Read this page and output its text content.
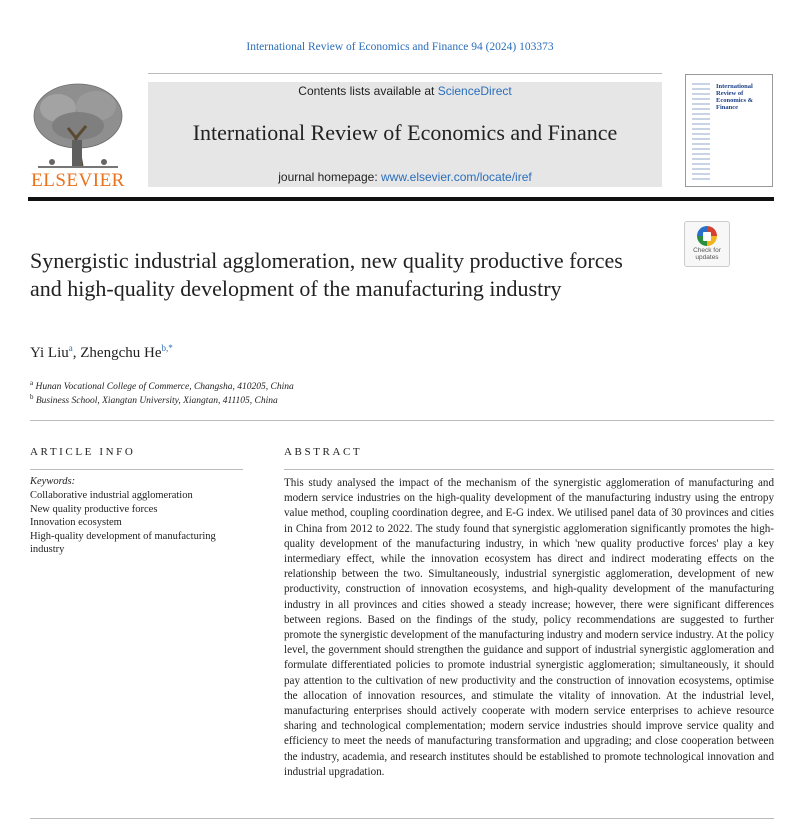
International Review of Economics and Finance 94 (2024) 103373
ELSEVIER
Contents lists available at ScienceDirect
International Review of Economics and Finance
journal homepage: www.elsevier.com/locate/iref
International Review of Economics & Finance
Check for updates
Synergistic industrial agglomeration, new quality productive forces and high-quality development of the manufacturing industry
Yi Liu$^a$, Zhengchu $He^{b,*}$
$^a$ Hunan Vocational College of Commerce, Changsha, 410205, China
$^b$ Business School, Xiangtan University, Xiangtan, 411105, China
ARTICLE INFO
Keywords:
Collaborative industrial agglomeration
New quality productive forces
Innovation ecosystem
High-quality development of manufacturing industry
ABSTRACT
This study analysed the impact of the mechanism of the synergistic agglomeration of manufacturing and modern service industries on the high-quality development of the manufacturing industry using the entropy value method, coupling coordination degree, and E-G index. We utilised panel data of 30 provinces and cities in China from 2012 to 2022. The study found that synergistic agglomeration significantly promotes the high-quality development of the manufacturing industry, in which 'new quality productive forces' play a key intermediary effect, while the innovation ecosystem has direct and indirect moderating effects on the relationship between the two. Simultaneously, industrial synergistic agglomeration, development of new productivity, construction of innovation ecosystems, and high-quality development of the manufacturing industry in all provinces and cities showed a steady increase; however, there were significant differences between regions. Based on the findings of the study, policy recommendations are suggested to further promote the synergistic development of the manufacturing industry and modern service industry. At the policy level, the government should strengthen the guidance and support of industrial synergistic agglomeration and formulate differentiated policies to promote industrial synergistic agglomeration; simultaneously, it should pay attention to the cultivation of new productivity and the construction of innovation ecosystems, optimise the allocation of innovation resources, and stimulate the vitality of innovation. At the industrial level, manufacturing enterprises should actively cooperate with modern service enterprises to achieve resource sharing and technological complementation; modern service industries should improve service quality and efficiency to meet the needs of manufacturing transformation and upgrading; and close cooperation between the industry, academia, and research institutes should be established to promote technological innovation and industrial upgradation.
